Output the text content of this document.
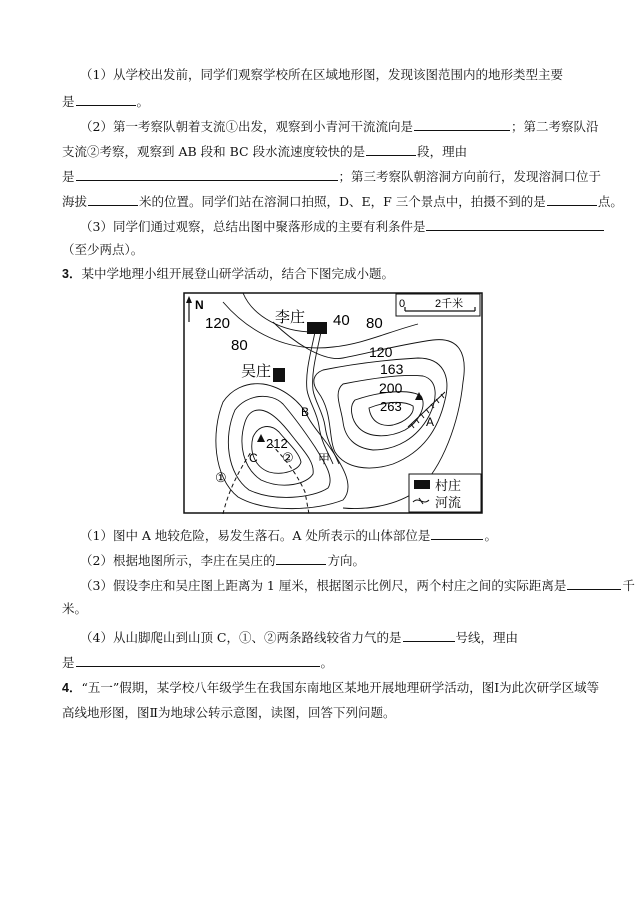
（1）从学校出发前，同学们观察学校所在区域地形图，发现该图范围内的地形类型主要
是	。
（2）第一考察队朝着支流①出发，观察到小青河干流流向是	；第二考察队沿
支流②考察，观察到 AB 段和 BC 段水流速度较快的是	段，理由
是	；第三考察队朝溶洞方向前行，发现溶洞口位于
海拔	米的位置。同学们站在溶洞口拍照，D、E，F 三个景点中，拍摄不到的是	点。
（3）同学们通过观察，总结出图中聚落形成的主要有利条件是
（至少两点）。
3．某中学地理小组开展登山研学活动，结合下图完成小题。
N	0	2千米
120
80
40 80
120
163
200
263
212
李庄
吴庄
A
B
C	甲
①
②
村庄
河流
（1）图中 A 地较危险，易发生落石。A 处所表示的山体部位是	。
（2）根据地图所示，李庄在吴庄的	方向。
（3）假设李庄和吴庄图上距离为 1 厘米，根据图示比例尺，两个村庄之间的实际距离是	千
米。
（4）从山脚爬山到山顶 C，①、②两条路线较省力气的是	号线，理由
是	。
4．“五一”假期，某学校八年级学生在我国东南地区某地开展地理研学活动，图Ⅰ为此次研学区域等
高线地形图，图Ⅱ为地球公转示意图，读图，回答下列问题。
